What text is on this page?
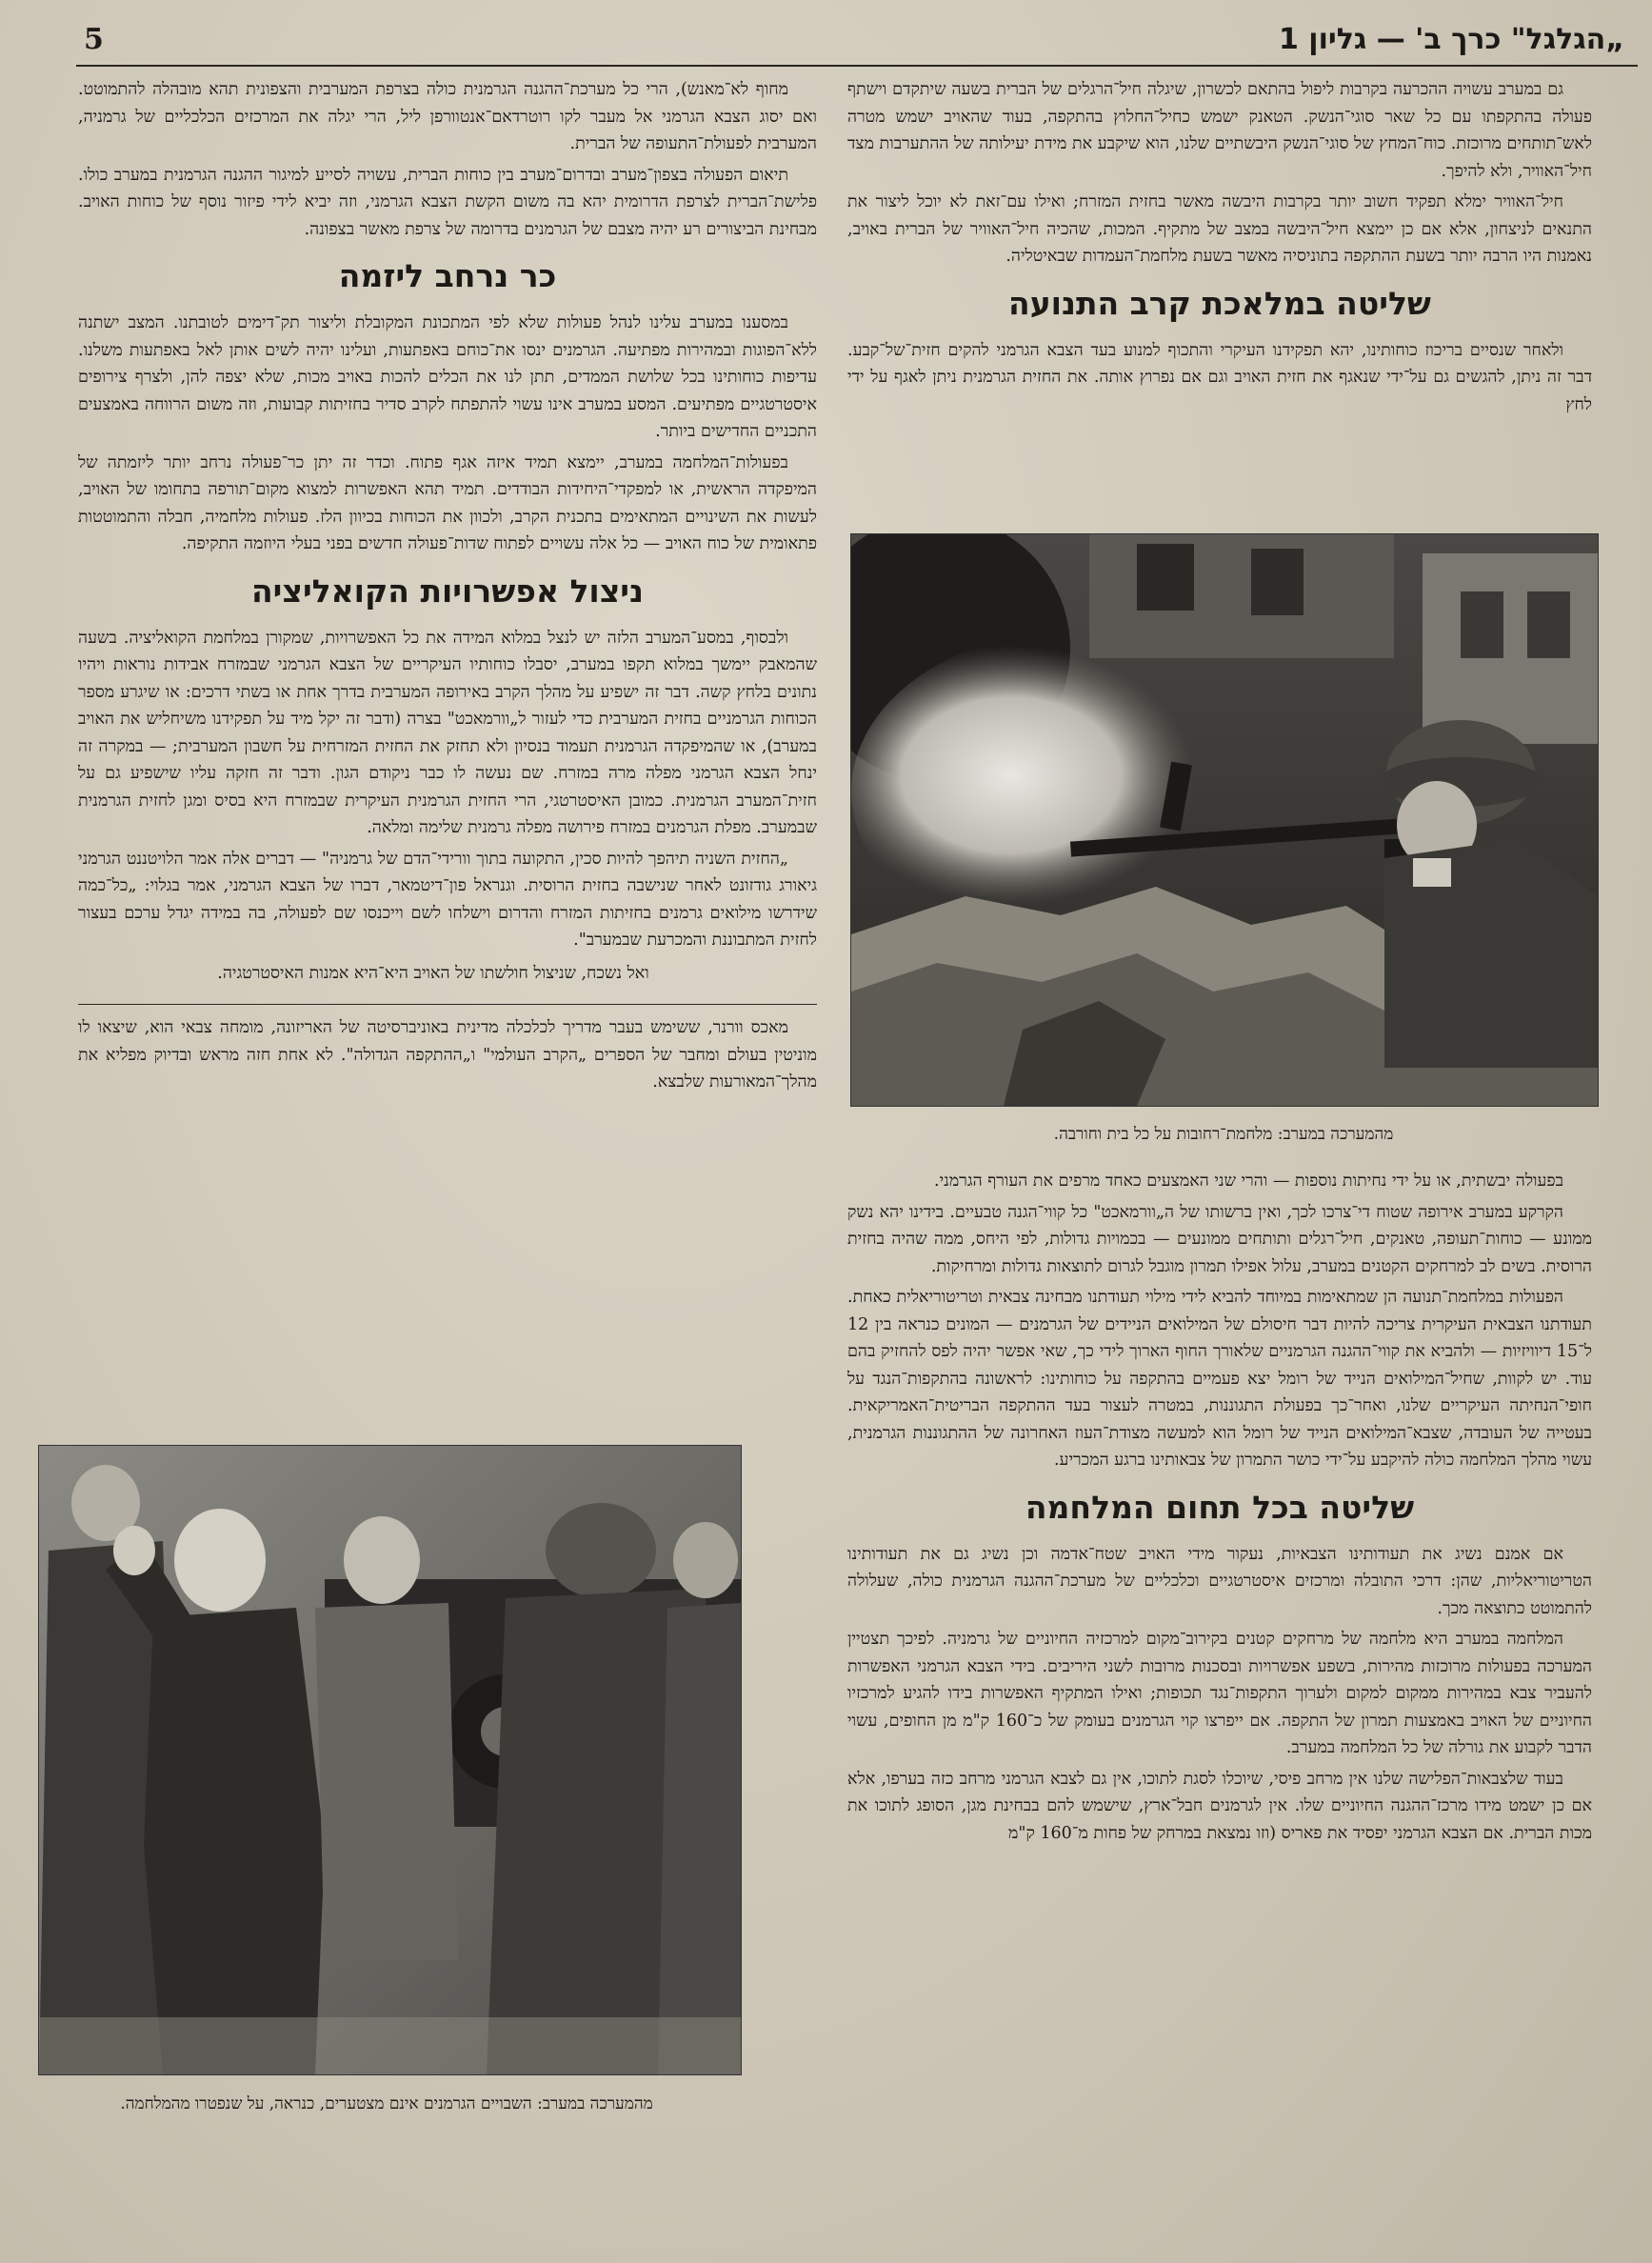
5	„הגלגל" כרך ב' — גליון 1

גם במערב עשויה ההכרעה בקרבות ליפול בהתאם לכשרון, שיגלה חיל־הרגלים של הברית בשעה שיתקדם וישתף פעולה בהתקפתו עם כל שאר סוגי־הנשק. הטאנק ישמש כחיל־החלוץ בהתקפה, בעוד שהאויב ישמש מטרה לאש־תותחים מרוכזת. כוח־המחץ של סוגי־הנשק היבשתיים שלנו, הוא שיקבע את מידת יעילותה של ההתערבות מצד חיל־האוויר, ולא להיפך.

חיל־האוויר ימלא תפקיד חשוב יותר בקרבות היבשה מאשר בחזית המזרח; ואילו עם־זאת לא יוכל ליצור את התנאים לניצחון, אלא אם כן יימצא חיל־היבשה במצב של מתקיף. המכות, שהכיה חיל־האוויר של הברית באויב, נאמנות היו הרבה יותר בשעת ההתקפה בתוניסיה מאשר בשעת מלחמת־העמדות שבאיטליה.

שליטה במלאכת קרב התנועה

ולאחר שנסיים בריכוז כוחותינו, יהא תפקידנו העיקרי והתכוף למנוע בעד הצבא הגרמני להקים חזית־של־קבע. דבר זה ניתן, להגשים גם על־ידי שנאגף את חזית האויב וגם אם נפרוץ אותה. את החזית הגרמנית ניתן לאגף על ידי לחץ

מהמערכה במערב: מלחמת־רחובות על כל בית וחורבה.

בפעולה יבשתית, או על ידי נחיתות נוספות — והרי שני האמצעים כאחד מרפים את העורף הגרמני.

הקרקע במערב אירופה שטוח די־צרכו לכך, ואין ברשותו של ה„וורמאכט" כל קווי־הגנה טבעיים. בידינו יהא נשק ממונע — כוחות־תעופה, טאנקים, חיל־רגלים ותותחים ממונעים — בכמויות גדולות, לפי היחס, ממה שהיה בחזית הרוסית. בשים לב למרחקים הקטנים במערב, עלול אפילו תמרון מוגבל לגרום לתוצאות גדולות ומרחיקות.

הפעולות במלחמת־תנועה הן שמתאימות במיוחד להביא לידי מילוי תעודתנו מבחינה צבאית וטריטוריאלית כאחת. תעודתנו הצבאית העיקרית צריכה להיות דבר חיסולם של המילואים הניידים של הגרמנים — המונים כנראה בין 12 ל־15 דיוויזיות — ולהביא את קווי־ההגנה הגרמניים שלאורך החוף הארוך לידי כך, שאי אפשר יהיה לפס להחזיק בהם עוד. יש לקוות, שחיל־המילואים הנייד של רומל יצא פעמיים בהתקפה על כוחותינו: לראשונה בהתקפות־הנגד על חופי־הנחיתה העיקריים שלנו, ואחר־כך בפעולת התגוננות, במטרה לעצור בעד ההתקפה הבריטית־האמריקאית. בעטייה של העובדה, שצבא־המילואים הנייד של רומל הוא למעשה מצודת־העוז האחרונה של ההתגוננות הגרמנית, עשוי מהלך המלחמה כולה להיקבע על־ידי כושר התמרון של צבאותינו ברגע המכריע.

שליטה בכל תחום המלחמה

אם אמנם נשיג את תעודותינו הצבאיות, נעקור מידי האויב שטח־אדמה וכן נשיג גם את תעודותינו הטריטוריאליות, שהן: דרכי התובלה ומרכזים איסטרטגיים וכלכליים של מערכת־ההגנה הגרמנית כולה, שעלולה להתמוטט כתוצאה מכך.

המלחמה במערב היא מלחמה של מרחקים קטנים בקירוב־מקום למרכזיה החיוניים של גרמניה. לפיכך תצטיין המערכה בפעולות מרוכזות מהירות, בשפע אפשרויות ובסכנות מרובות לשני היריבים. בידי הצבא הגרמני האפשרות להעביר צבא במהירות ממקום למקום ולערוך התקפות־נגד תכופות; ואילו המתקיף האפשרות בידו להגיע למרכזיו החיוניים של האויב באמצעות תמרון של התקפה. אם ייפרצו קוי הגרמנים בעומק של כ־160 ק"מ מן החופים, עשוי הדבר לקבוע את גורלה של כל המלחמה במערב.

בעוד שלצבאות־הפלישה שלנו אין מרחב פיסי, שיוכלו לסגת לתוכו, אין גם לצבא הגרמני מרחב כזה בערפו, אלא אם כן ישמט מידו מרכז־ההגנה החיוניים שלו. אין לגרמנים חבל־ארץ, שישמש להם בבחינת מגן, הסופג לתוכו את מכות הברית. אם הצבא הגרמני יפסיד את פאריס (וזו נמצאת במרחק של פחות מ־160 ק"מ

מחוף לא־מאנש), הרי כל מערכת־ההגנה הגרמנית כולה בצרפת המערבית והצפונית תהא מובהלה להתמוטט. ואם יסוג הצבא הגרמני אל מעבר לקו רוטרדאם־אנטוורפן ליל, הרי יגלה את המרכזים הכלכליים של גרמניה, המערבית לפעולת־התעופה של הברית.

תיאום הפעולה בצפון־מערב ובדרום־מערב בין כוחות הברית, עשויה לסייע למיגור ההגנה הגרמנית במערב כולו. פלישת־הברית לצרפת הדרומית יהא בה משום הקשת הצבא הגרמני, וזה יביא לידי פיזור נוסף של כוחות האויב. מבחינת הביצורים רע יהיה מצבם של הגרמנים בדרומה של צרפת מאשר בצפונה.

כר נרחב ליזמה

במסענו במערב עלינו לנהל פעולות שלא לפי המתכונת המקובלת וליצור תק־דימים לטובתנו. המצב ישתנה ללא־הפוגות ובמהירות מפתיעה. הגרמנים ינסו את־כוחם באפתעות, ועלינו יהיה לשים אותן לאל באפתעות משלנו. עדיפות כוחותינו בכל שלושת הממדים, תתן לנו את הכלים להכות באויב מכות, שלא יצפה להן, ולצרף צירופים איסטרטגיים מפתיעים. המסע במערב אינו עשוי להתפתח לקרב סדיר בחזיתות קבועות, וזה משום הרווחה באמצעים התכניים החדישים ביותר.

בפעולות־המלחמה במערב, יימצא תמיד איזה אגף פתוח. וכדר זה יתן כר־פעולה נרחב יותר ליזמתה של המיפקדה הראשית, או למפקדי־היחידות הבודדים. תמיד תהא האפשרות למצוא מקום־תורפה בתחומו של האויב, לעשות את השינויים המתאימים בתכנית הקרב, ולכוון את הכוחות בכיוון הלז. פעולות מלחמיה, חבלה והתמוטטות פתאומית של כוח האויב — כל אלה עשויים לפתוח שדות־פעולה חדשים בפני בעלי היוזמה התקיפה.

ניצול אפשרויות הקואליציה

ולבסוף, במסע־המערב הלזה יש לנצל במלוא המידה את כל האפשרויות, שמקורן במלחמת הקואליציה. בשעה שהמאבק יימשך במלוא תקפו במערב, יסבלו כוחותיו העיקריים של הצבא הגרמני שבמזרח אבידות נוראות ויהיו נתונים בלחץ קשה. דבר זה ישפיע על מהלך הקרב באירופה המערבית בדרך אחת או בשתי דרכים: או שיגרע מספר הכוחות הגרמניים בחזית המערבית כדי לעזור ל„וורמאכט" בצרה (ודבר זה יקל מיד על תפקידנו משיחליש את האויב במערב), או שהמיפקדה הגרמנית תעמוד בנסיון ולא תחזק את החזית המזרחית על חשבון המערבית; — במקרה זה ינחל הצבא הגרמני מפלה מרה במזרח. שם נעשה לו כבר ניקודם הגון. ודבר זה חזקה עליו שישפיע גם על חזית־המערב הגרמנית. כמובן האיסטרטגי, הרי החזית הגרמנית העיקרית שבמזרח היא בסיס ומגן לחזית הגרמנית שבמערב. מפלת הגרמנים במזרח פירושה מפלה גרמנית שלימה ומלאה.

„החזית השניה תיהפך להיות סכין, התקועה בתוך וורידי־הדם של גרמניה" — דברים אלה אמר הלויטננט הגרמני גיאורג גודזונט לאחר שנישבה בחזית הרוסית. וגנראל פון־דיטמאר, דברו של הצבא הגרמני, אמר בגלוי: „כל־כמה שידרשו מילואים גרמנים בחזיתות המזרח והדרום וישלחו לשם וייכנסו שם לפעולה, בה במידה יגדל ערכם בעצור לחזית המתבוננת והמכרעת שבמערב".

ואל נשכח, שניצול חולשתו של האויב היא־היא אמנות האיסטרטגיה.

מאכס וורנר, ששימש בעבר מדריך לכלכלה מדינית באוניברסיטה של האריזונה, מומחה צבאי הוא, שיצאו לו מוניטין בעולם ומחבר של הספרים „הקרב העולמי" ו„ההתקפה הגדולה". לא אחת חזה מראש ובדיוק מפליא את מהלך־המאורעות שלבצא.

מהמערכה במערב: השבויים הגרמנים אינם מצטערים, כנראה, על שנפטרו מהמלחמה.
